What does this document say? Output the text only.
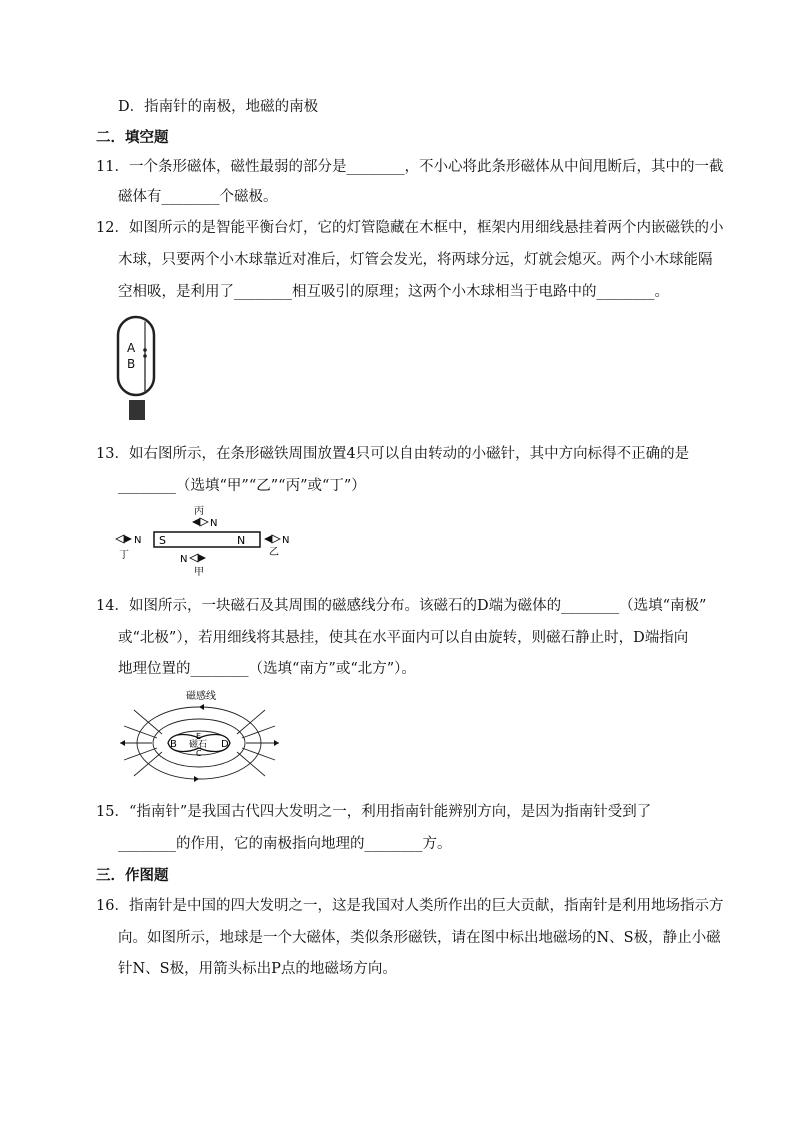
D．指南针的南极，地磁的南极
二．填空题
11．一个条形磁体，磁性最弱的部分是________，不小心将此条形磁体从中间甩断后，其中的一截
磁体有________个磁极。
12．如图所示的是智能平衡台灯，它的灯管隐藏在木框中，框架内用细线悬挂着两个内嵌磁铁的小
木球，只要两个小木球靠近对准后，灯管会发光，将两球分远，灯就会熄灭。两个小木球能隔
空相吸，是利用了________相互吸引的原理；这两个小木球相当于电路中的________。
A
B
13．如右图所示，在条形磁铁周围放置4只可以自由转动的小磁针，其中方向标得不正确的是
________（选填“甲”“乙”“丙”或“丁”）
S	N
丙
N
N
甲
N
丁
N
乙
14．如图所示，一块磁石及其周围的磁感线分布。该磁石的D端为磁体的________（选填“南极”
或“北极”），若用细线将其悬挂，使其在水平面内可以自由旋转，则磁石静止时，D端指向
地理位置的________（选填“南方”或“北方”）。
磁感线
B	D
E
磁石
C
15．“指南针”是我国古代四大发明之一，利用指南针能辨别方向，是因为指南针受到了
________的作用，它的南极指向地理的________方。
三．作图题
16．指南针是中国的四大发明之一，这是我国对人类所作出的巨大贡献，指南针是利用地场指示方
向。如图所示，地球是一个大磁体，类似条形磁铁，请在图中标出地磁场的N、S极，静止小磁
针N、S极，用箭头标出P点的地磁场方向。
